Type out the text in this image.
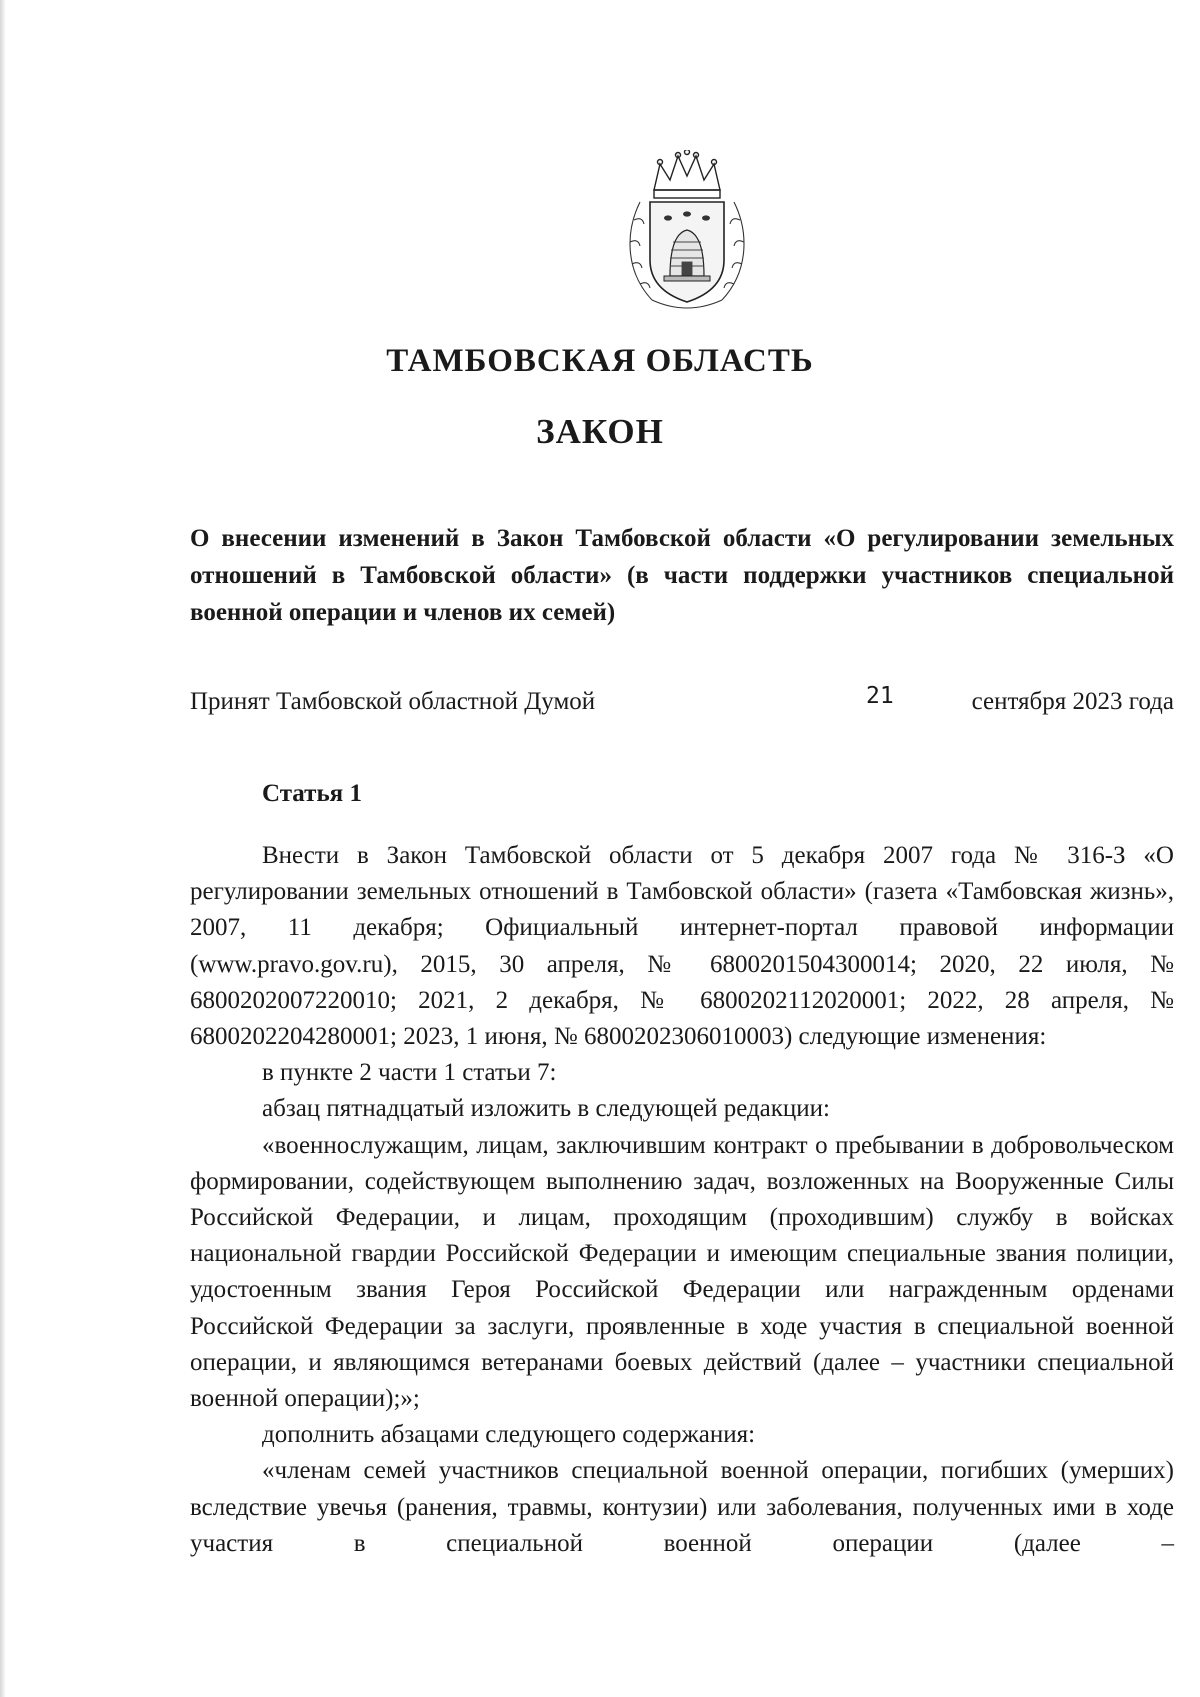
ТАМБОВСКАЯ ОБЛАСТЬ
ЗАКОН

О внесении изменений в Закон Тамбовской области «О регулировании земельных отношений в Тамбовской области» (в части поддержки участников специальной военной операции и членов их семей)

Принят Тамбовской областной Думой	21	сентября 2023 года
Статья 1

Внести в Закон Тамбовской области от 5 декабря 2007 года № 316-З «О регулировании земельных отношений в Тамбовской области» (газета «Тамбовская жизнь», 2007, 11 декабря; Официальный интернет-портал правовой информации (www.pravo.gov.ru), 2015, 30 апреля, № 6800201504300014; 2020, 22 июля, № 6800202007220010; 2021, 2 декабря, № 6800202112020001; 2022, 28 апреля, № 6800202204280001; 2023, 1 июня, № 6800202306010003) следующие изменения:

в пункте 2 части 1 статьи 7:

абзац пятнадцатый изложить в следующей редакции:

«военнослужащим, лицам, заключившим контракт о пребывании в добровольческом формировании, содействующем выполнению задач, возложенных на Вооруженные Силы Российской Федерации, и лицам, проходящим (проходившим) службу в войсках национальной гвардии Российской Федерации и имеющим специальные звания полиции, удостоенным звания Героя Российской Федерации или награжденным орденами Российской Федерации за заслуги, проявленные в ходе участия в специальной военной операции, и являющимся ветеранами боевых действий (далее – участники специальной военной операции);»;

дополнить абзацами следующего содержания:

«членам семей участников специальной военной операции, погибших (умерших) вследствие увечья (ранения, травмы, контузии) или заболевания, полученных ими в ходе участия в специальной военной операции (далее –
